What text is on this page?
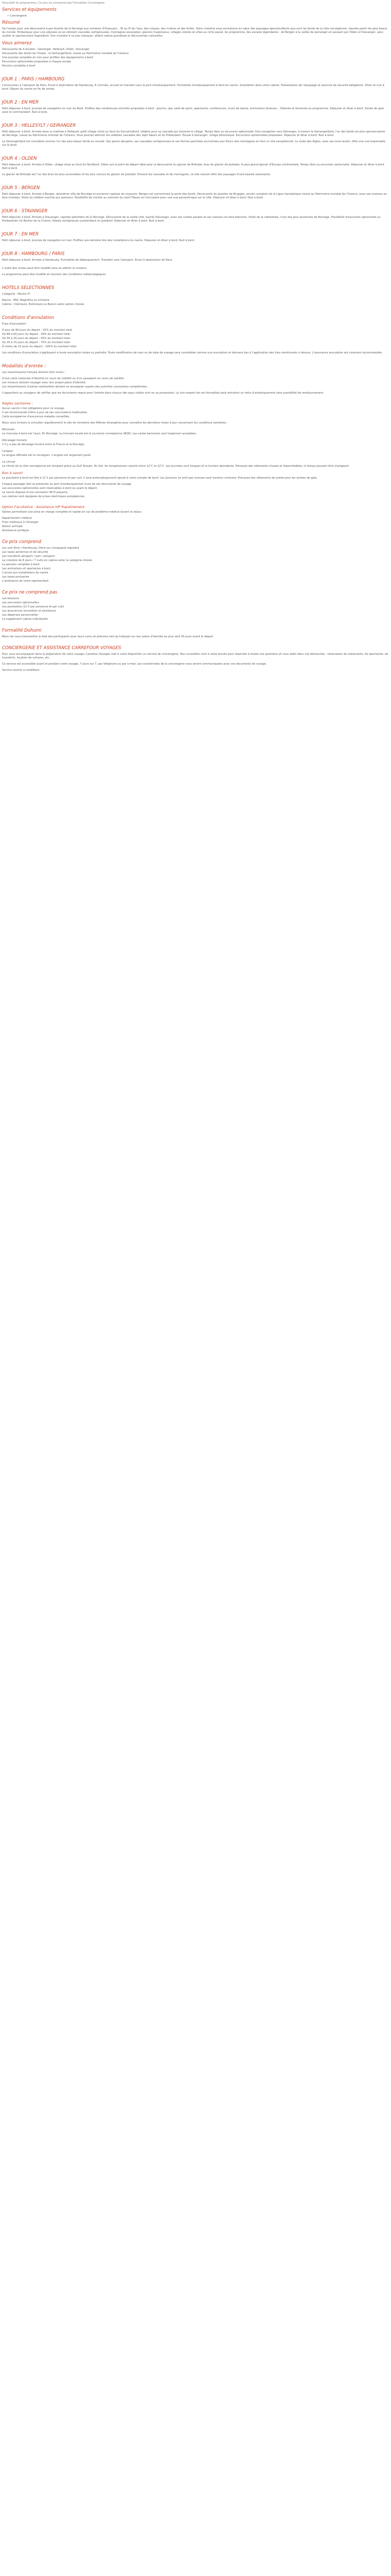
Descriptif du programme | Ce prix ne comprend pas Formalités Conciergerie
Services et équipements
• Conciergerie
Résumé

De l'océan pour une découverte à pas feutrés de la Norvège aux lumières d'Ouessant... Et au fil de l'eau, des criques, des rivières et des forêts. Votre croisière vous emmènera au cœur des paysages époustouflants que sont les fjords de la côte norvégienne, réputés parmi les plus beaux du monde. Embarquez pour une odyssée où se côtoient cascades vertigineuses, montagnes escarpées, glaciers majestueux, villages colorés et villes au riche passé. Au programme, des escales légendaires : de Bergen à la vallée de Geiranger en passant par Olden et Stavanger, sans oublier le spectaculaire Sognefjord. Une croisière à ne pas manquer, alliant nature grandiose et découvertes culturelles.

Vous aimerez
Découverte de 4 escales : Geiranger, Hellesylt, Olden, Stavanger
Découverte des fjords de l'Ouest : le Geirangerfjord, classé au Patrimoine mondial de l'Unesco
Une journée complète en mer pour profiter des équipements à bord
Excursions optionnelles proposées à chaque escale
Pension complète à bord
JOUR 1 : PARIS / HAMBOURG

Convocation à l'aéroport de Paris. Envol à destination de Hambourg. À l'arrivée, accueil et transfert vers le port d'embarquement. Formalités d'embarquement à bord du navire. Installation dans votre cabine. Présentation de l'équipage et exercice de sécurité obligatoire. Dîner et nuit à bord. Départ du navire en fin de soirée.

JOUR 2 : EN MER

Petit déjeuner à bord. Journée de navigation en mer du Nord. Profitez des nombreuses activités proposées à bord : piscine, spa, salle de sport, spectacles, conférences, cours de danse, animations diverses... Détente et farniente au programme. Déjeuner et dîner à bord. Soirée de gala avec le commandant. Nuit à bord.

JOUR 3 : HELLESYLT / GEIRANGER

Petit déjeuner à bord. Arrivée dans la matinée à Hellesylt, petit village niché au fond du Sunnylvsfjord, célèbre pour sa cascade qui traverse le village. Temps libre ou excursion optionnelle. Puis navigation vers Geiranger, à travers le Geirangerfjord, l'un des fjords les plus spectaculaires de Norvège, classé au Patrimoine mondial de l'Unesco. Vous pourrez admirer les célèbres cascades des Sept Sœurs et du Prétendant. Escale à Geiranger, village pittoresque. Excursions optionnelles proposées. Déjeuner et dîner à bord. Nuit à bord.

Le Geirangerfjord est considéré comme l'un des plus beaux fjords au monde. Ses parois abruptes, ses cascades vertigineuses et ses fermes perchées accrochées aux flancs des montagnes en font un site exceptionnel. La route des Aigles, avec ses onze lacets, offre une vue imprenable sur le fjord.

JOUR 4 : OLDEN

Petit déjeuner à bord. Arrivée à Olden, village situé au fond du Nordfjord. Olden est le point de départ idéal pour la découverte du glacier de Briksdal, bras du glacier de Jostedal, le plus grand glacier d'Europe continentale. Temps libre ou excursion optionnelle. Déjeuner et dîner à bord. Nuit à bord.

Le glacier de Briksdal est l'un des bras les plus accessibles et les plus connus du glacier de Jostedal. Entouré de cascades et de montagnes, ce site naturel offre des paysages d'une beauté saisissante.

JOUR 5 : BERGEN

Petit déjeuner à bord. Arrivée à Bergen, deuxième ville de Norvège et ancienne capitale du royaume. Bergen est surnommée la porte des fjords. Découverte du quartier de Bryggen, ancien comptoir de la Ligue hanséatique classé au Patrimoine mondial de l'Unesco, avec ses maisons en bois colorées. Visite du célèbre marché aux poissons. Possibilité de monter au sommet du mont Fløyen en funiculaire pour une vue panoramique sur la ville. Déjeuner et dîner à bord. Nuit à bord.

JOUR 6 : STAVANGER

Petit déjeuner à bord. Arrivée à Stavanger, capitale pétrolière de la Norvège. Découverte de la vieille ville, Gamle Stavanger, avec ses ruelles pavées et ses maisons en bois blanches. Visite de la cathédrale, l'une des plus anciennes de Norvège. Possibilité d'excursion optionnelle au Preikestolen (le Rocher de la Chaire), falaise vertigineuse surplombant le Lysefjord. Déjeuner et dîner à bord. Nuit à bord.

JOUR 7 : EN MER

Petit déjeuner à bord. Journée de navigation en mer. Profitez une dernière fois des installations du navire. Déjeuner et dîner à bord. Nuit à bord.

JOUR 8 : HAMBOURG / PARIS

Petit déjeuner à bord. Arrivée à Hambourg. Formalités de débarquement. Transfert vers l'aéroport. Envol à destination de Paris.

L'ordre des visites peut être modifié sans en altérer le contenu.

Le programme peut être modifié en fonction des conditions météorologiques.

HOTELS SELECTIONNES

Catégorie : Navire 4*

Navire : MSC Magnifica ou similaire
Cabine : Intérieure, Extérieure ou Balcon selon option choisie
Conditions d'annulation

Frais d'annulation :

À plus de 90 jours du départ : 15% du montant total
De 89 à 60 jours du départ : 30% du montant total
De 59 à 30 jours du départ : 50% du montant total
De 29 à 15 jours du départ : 75% du montant total
À moins de 15 jours du départ : 100% du montant total

Les conditions d'annulation s'appliquent à toute annulation totale ou partielle. Toute modification de nom ou de date de voyage sera considérée comme une annulation et donnera lieu à l'application des frais mentionnés ci-dessus. L'assurance annulation est vivement recommandée.

Modalités d'entrée :

Les ressortissants français doivent être munis :

d'une carte nationale d'identité en cours de validité ou d'un passeport en cours de validité.
Les mineurs doivent voyager avec leur propre pièce d'identité.
Les ressortissants d'autres nationalités doivent se renseigner auprès des autorités consulaires compétentes.

Il appartient au voyageur de vérifier que les documents requis pour l'entrée dans chacun des pays visités sont en sa possession. Le non-respect de ces formalités peut entraîner un refus d'embarquement sans possibilité de remboursement.

Règles sanitaires :
Aucun vaccin n'est obligatoire pour ce voyage.
Il est recommandé d'être à jour de ses vaccinations habituelles.
Carte européenne d'assurance maladie conseillée.

Nous vous invitons à consulter régulièrement le site du ministère des Affaires étrangères pour connaître les dernières mises à jour concernant les conditions sanitaires.

Monnaie

La monnaie à bord est l'euro. En Norvège, la monnaie locale est la couronne norvégienne (NOK). Les cartes bancaires sont largement acceptées.

Décalage horaire

Il n'y a pas de décalage horaire entre la France et la Norvège.

Langue

La langue officielle est le norvégien. L'anglais est largement parlé.

Le climat

Le climat de la côte norvégienne est tempéré grâce au Gulf Stream. En été, les températures varient entre 12°C et 22°C. Les journées sont longues et la lumière abondante. Prévoyez des vêtements chauds et imperméables, le temps pouvant être changeant.

Bon à savoir

Le pourboire à bord est fixé à 12 € par personne et par nuit, il sera automatiquement ajouté à votre compte de bord. Les boissons ne sont pas incluses sauf mention contraire. Prévoyez des vêtements de soirée pour les soirées de gala.

Chaque passager doit se présenter au port d'embarquement muni de ses documents de voyage.
Les excursions optionnelles sont réservables à bord ou avant le départ.
Le navire dispose d'une connexion Wi-Fi payante.
Les cabines sont équipées de prises électriques européennes.
Option Facultative : Assistance VIP Rapatriement

Option permettant une prise en charge complète et rapide en cas de problème médical durant le séjour.

Rapatriement médical
Frais médicaux à l'étranger
Retour anticipé
Assistance juridique
Ce prix comprend
Les vols Paris / Hambourg / Paris sur compagnie régulière
Les taxes aériennes et de sécurité
Les transferts aéroport / port / aéroport
La croisière de 8 jours / 7 nuits en cabine selon la catégorie choisie
La pension complète à bord
Les animations et spectacles à bord
L'accès aux installations du navire
Les taxes portuaires
L'assistance de notre représentant
Ce prix ne comprend pas
Les boissons
Les excursions optionnelles
Les pourboires (12 € par personne et par nuit)
Les assurances annulation et assistance
Les dépenses personnelles
Le supplément cabine individuelle
Formalité Dohumi

Merci de nous transmettre la liste des participants avec leurs noms et prénoms tels qu'indiqués sur leur pièce d'identité au plus tard 30 jours avant le départ.

CONCIERGERIE ET ASSISTANCE CARREFOUR VOYAGES

Pour vous accompagner dans la préparation de votre voyage, Carrefour Voyages met à votre disposition un service de conciergerie. Nos conseillers sont à votre écoute pour répondre à toutes vos questions et vous aider dans vos démarches : réservation de restaurants, de spectacles, de transferts, location de voitures, etc.

Ce service est accessible avant et pendant votre voyage, 7 jours sur 7, par téléphone ou par e-mail. Les coordonnées de la conciergerie vous seront communiquées avec vos documents de voyage.

Service soumis à conditions.
